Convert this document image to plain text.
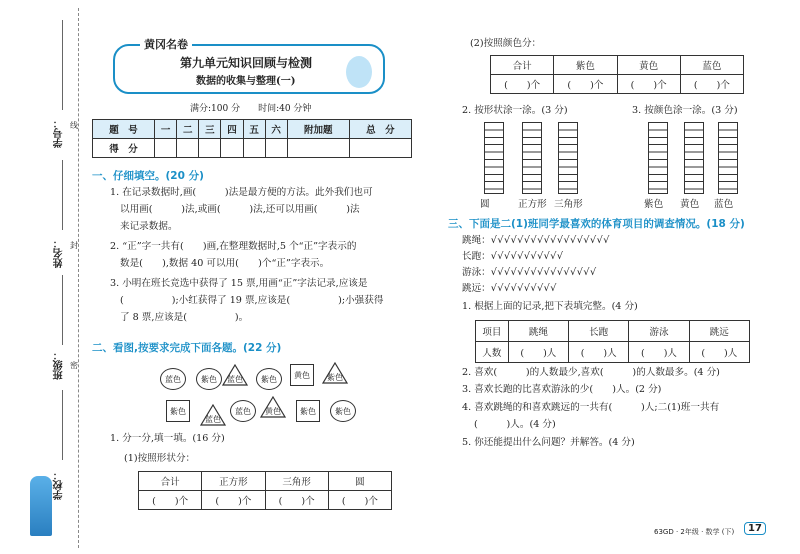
学号：
姓名：
班级：
学校：
线
封
密
黄冈名卷
第九单元知识回顾与检测
数据的收集与整理(一)
满分:100 分　　时间:40 分钟
题　号	一	二	三	四	五	六	附加题	总　分
得　分								
一、仔细填空。(20 分)
1. 在记录数据时,画(　　　)法是最方便的方法。此外我们也可
以用画(　　　)法,或画(　　　)法,还可以用画(　　　)法
来记录数据。
2. “正”字一共有(　　)画,在整理数据时,5 个“正”字表示的
数是(　　),数据 40 可以用(　　)个“正”字表示。
3. 小明在班长竞选中获得了 15 票,用画“正”字法记录,应该是
(　　　　　);小红获得了 19 票,应该是(　　　　　);小强获得
了 8 票,应该是(　　　　　)。
二、看图,按要求完成下面各题。(22 分)
蓝色	紫色 蓝色 紫色 黄色 紫色
紫色
蓝色
蓝色 黄色 紫色 紫色
1. 分一分,填一填。(16 分)
(1)按照形状分：
合计	正方形	三角形	圆
(　　)个	(　　)个	(　　)个	(　　)个
(2)按照颜色分：
合计	紫色	黄色	蓝色
(　　)个	(　　)个	(　　)个	(　　)个
2. 按形状涂一涂。(3 分)	3. 按颜色涂一涂。(3 分)
圆	正方形 三角形	紫色 黄色 蓝色
三、下面是二(1)班同学最喜欢的体育项目的调查情况。(18 分)
跳绳：√√√√√√√√√√√√√√√√√√
长跑：√√√√√√√√√√√
游泳：√√√√√√√√√√√√√√√√
跳远：√√√√√√√√√√
1. 根据上面的记录,把下表填完整。(4 分)
项目	跳绳	长跑	游泳	跳远
人数	(　　)人	(　　)人	(　　)人	(　　)人
2. 喜欢(　　　)的人数最少,喜欢(　　　)的人数最多。(4 分)
3. 喜欢长跑的比喜欢游泳的少(　　)人。(2 分)
4. 喜欢跳绳的和喜欢跳远的一共有(　　　)人;二(1)班一共有
(　　　)人。(4 分)
5. 你还能提出什么问题？并解答。(4 分)
63GD · 2年级 · 数学 (下)	17
